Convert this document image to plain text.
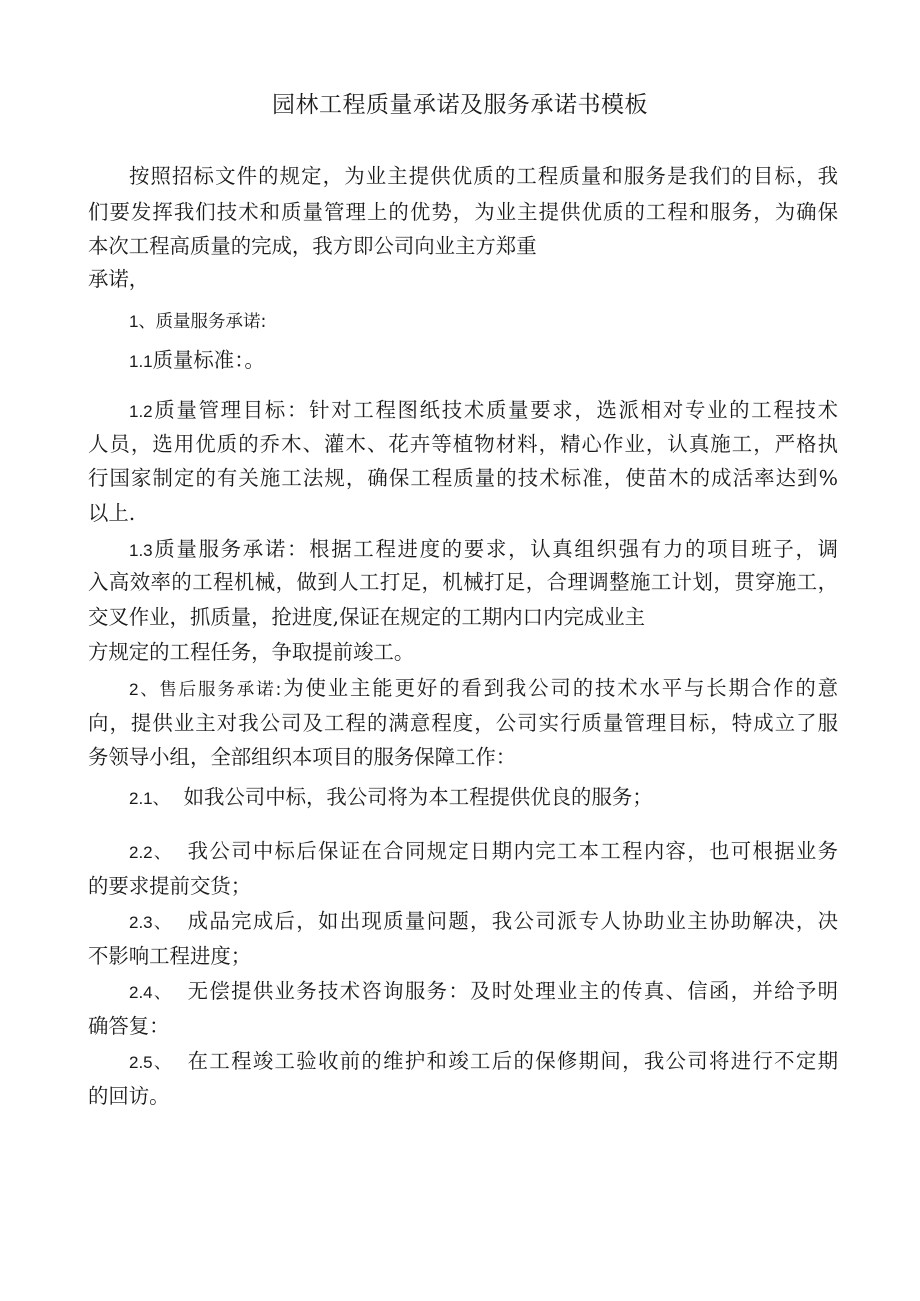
园林工程质量承诺及服务承诺书模板
按照招标文件的规定，为业主提供优质的工程质量和服务是我们的目标，我
们要发挥我们技术和质量管理上的优势，为业主提供优质的工程和服务，为确保
本次工程高质量的完成，我方即公司向业主方郑重
承诺，
1、质量服务承诺:
1.1质量标准：。
1.2质量管理目标：针对工程图纸技术质量要求，选派相对专业的工程技术
人员，选用优质的乔木、灌木、花卉等植物材料，精心作业，认真施工，严格执
行国家制定的有关施工法规，确保工程质量的技术标准，使苗木的成活率达到%
以上.
1.3质量服务承诺：根据工程进度的要求，认真组织强有力的项目班子，调
入高效率的工程机械，做到人工打足，机械打足，合理调整施工计划，贯穿施工，
交叉作业，抓质量，抢进度,保证在规定的工期内口内完成业主
方规定的工程任务，争取提前竣工。
2、售后服务承诺:为使业主能更好的看到我公司的技术水平与长期合作的意
向，提供业主对我公司及工程的满意程度，公司实行质量管理目标，特成立了服
务领导小组，全部组织本项目的服务保障工作：
2.1、 如我公司中标，我公司将为本工程提供优良的服务；
2.2、 我公司中标后保证在合同规定日期内完工本工程内容，也可根据业务
的要求提前交货；
2.3、 成品完成后，如出现质量问题，我公司派专人协助业主协助解决，决
不影响工程进度；
2.4、 无偿提供业务技术咨询服务：及时处理业主的传真、信函，并给予明
确答复：
2.5、 在工程竣工验收前的维护和竣工后的保修期间，我公司将进行不定期
的回访。
